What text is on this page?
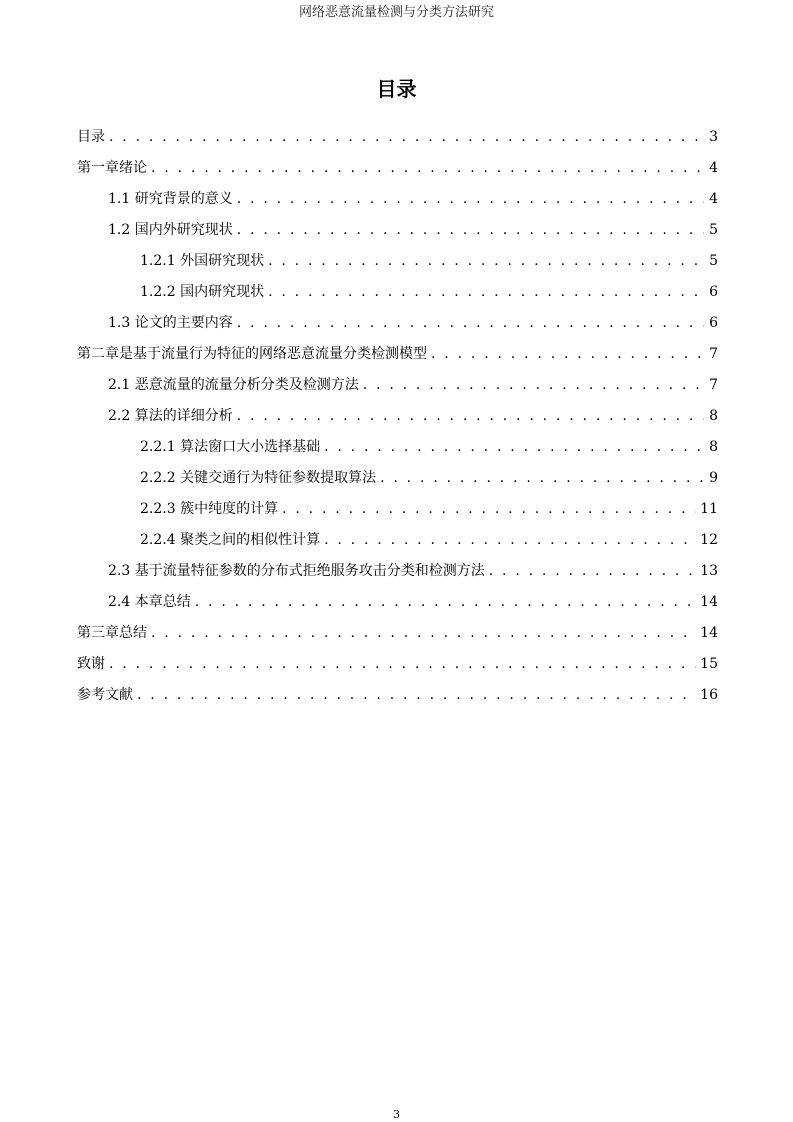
网络恶意流量检测与分类方法研究
目录
目录 . . .	3
第一章绪论 . . .	4
1.1 研究背景的意义 . . .	4
1.2 国内外研究现状 . . .	5
1.2.1 外国研究现状 . . .	5
1.2.2 国内研究现状 . . .	6
1.3 论文的主要内容 . . .	6
第二章是基于流量行为特征的网络恶意流量分类检测模型 . . .	7
2.1 恶意流量的流量分析分类及检测方法 . . .	7
2.2 算法的详细分析 . . .	8
2.2.1 算法窗口大小选择基础 . . .	8
2.2.2 关键交通行为特征参数提取算法 . . .	9
2.2.3 簇中纯度的计算 . . .	11
2.2.4 聚类之间的相似性计算 . . .	12
2.3 基于流量特征参数的分布式拒绝服务攻击分类和检测方法 . . .	13
2.4 本章总结 . . .	14
第三章总结 . . .	14
致谢 . . .	15
参考文献 . . .	16
3
